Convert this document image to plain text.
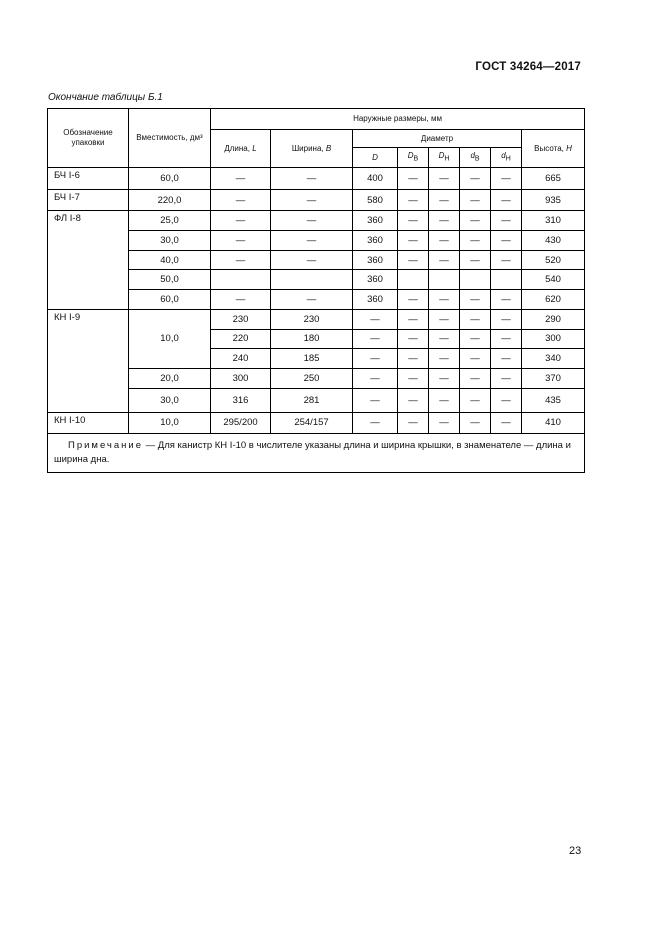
ГОСТ 34264—2017
Окончание таблицы Б.1
Обозначение упаковки	Вместимость, дм³	Наружные размеры, мм							
		Длина, L	Ширина, B	Диаметр					Высота, H
				D	$D_В$	$D_Н$	$d_В$	$d_Н$
БЧ I-6	60,0	—	—	400	—	—	—	—	665
БЧ I-7	220,0	—	—	580	—	—	—	—	935
ФЛ I-8	25,0	—	—	360	—	—	—	—	310
	30,0	—	—	360	—	—	—	—	430
	40,0	—	—	360	—	—	—	—	520
	50,0			360					540
	60,0	—	—	360	—	—	—	—	620
КН I-9	10,0	230	230	—	—	—	—	—	290
		220	180	—	—	—	—	—	300
		240	185	—	—	—	—	—	340
	20,0	300	250	—	—	—	—	—	370
	30,0	316	281	—	—	—	—	—	435
КН I-10	10,0	295/200	254/157	—	—	—	—	—	410
Примечание — Для канистр КН I-10 в числителе указаны длина и ширина крышки, в знаменателе — длина и ширина дна.									
23
